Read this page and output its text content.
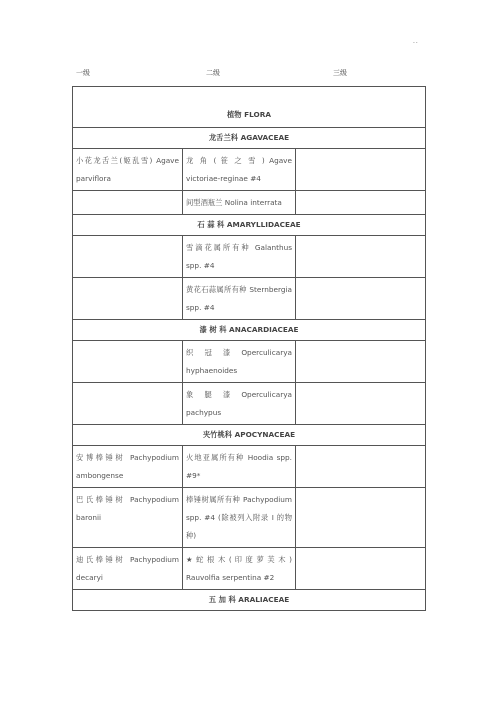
..
一级	二级	三级
植物 FLORA		
龙舌兰科 AGAVACEAE		
小花龙舌兰(姬乱雪) Agave parviflora	龙 角 ( 笹 之 雪 ) Agave victoriae-reginae #4	
	间型酒瓶兰 Nolina interrata	
石 蒜 科 AMARYLLIDACEAE		
	雪滴花属所有种 Galanthus spp. #4	
	黄花石蒜属所有种 Sternbergia spp. #4	
漆 树 科 ANACARDIACEAE		
	织 冠 漆 Operculicarya hyphaenoides	
	象 腿 漆 Operculicarya pachypus	
夹竹桃科 APOCYNACEAE		
安博棒锤树 Pachypodium ambongense	火地亚属所有种 Hoodia spp. #9*	
巴氏棒锤树 Pachypodium baronii	棒锤树属所有种 Pachypodium spp. #4 (除被列入附录 I 的物种)	
迪氏棒锤树 Pachypodium decaryi	★ 蛇 根 木 ( 印 度 萝 芙 木 ) Rauvolfia serpentina #2	
五 加 科 ARALIACEAE		
